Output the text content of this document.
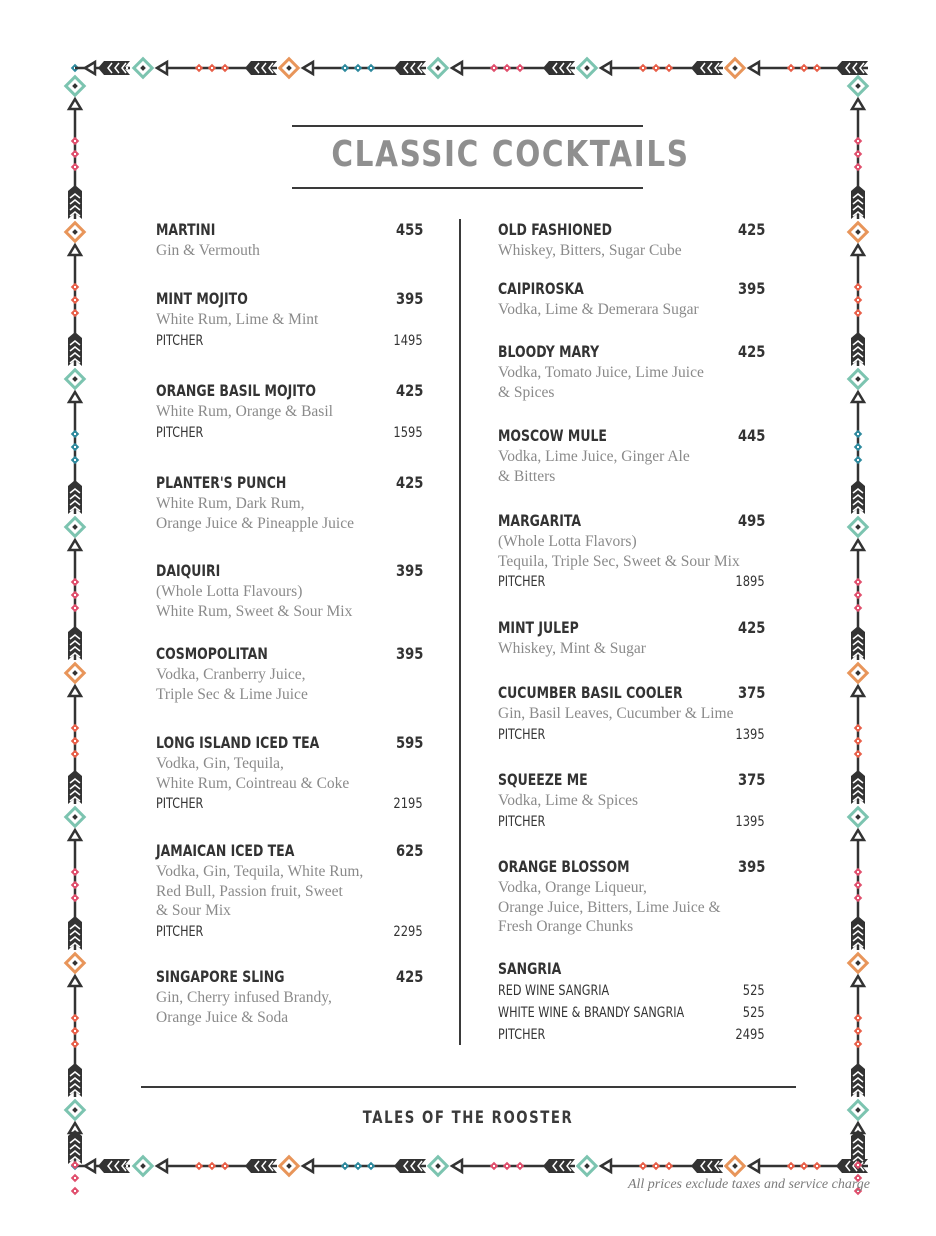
CLASSIC COCKTAILS
MARTINI	455
Gin & Vermouth
MINT MOJITO	395
White Rum, Lime & Mint
PITCHER	1495
ORANGE BASIL MOJITO	425
White Rum, Orange & Basil
PITCHER	1595
PLANTER'S PUNCH	425
White Rum, Dark Rum,
Orange Juice & Pineapple Juice
DAIQUIRI	395
(Whole Lotta Flavours)
White Rum, Sweet & Sour Mix
COSMOPOLITAN	395
Vodka, Cranberry Juice,
Triple Sec & Lime Juice
LONG ISLAND ICED TEA	595
Vodka, Gin, Tequila,
White Rum, Cointreau & Coke
PITCHER	2195
JAMAICAN ICED TEA	625
Vodka, Gin, Tequila, White Rum,
Red Bull, Passion fruit, Sweet
& Sour Mix
PITCHER	2295
SINGAPORE SLING	425
Gin, Cherry infused Brandy,
Orange Juice & Soda
OLD FASHIONED	425
Whiskey, Bitters, Sugar Cube
CAIPIROSKA	395
Vodka, Lime & Demerara Sugar
BLOODY MARY	425
Vodka, Tomato Juice, Lime Juice
& Spices
MOSCOW MULE	445
Vodka, Lime Juice, Ginger Ale
& Bitters
MARGARITA	495
(Whole Lotta Flavors)
Tequila, Triple Sec, Sweet & Sour Mix
PITCHER	1895
MINT JULEP	425
Whiskey, Mint & Sugar
CUCUMBER BASIL COOLER	375
Gin, Basil Leaves, Cucumber & Lime
PITCHER	1395
SQUEEZE ME	375
Vodka, Lime & Spices
PITCHER	1395
ORANGE BLOSSOM	395
Vodka, Orange Liqueur,
Orange Juice, Bitters, Lime Juice &
Fresh Orange Chunks
SANGRIA
RED WINE SANGRIA	525
WHITE WINE & BRANDY SANGRIA	525
PITCHER	2495
TALES OF THE ROOSTER
All prices exclude taxes and service charge
